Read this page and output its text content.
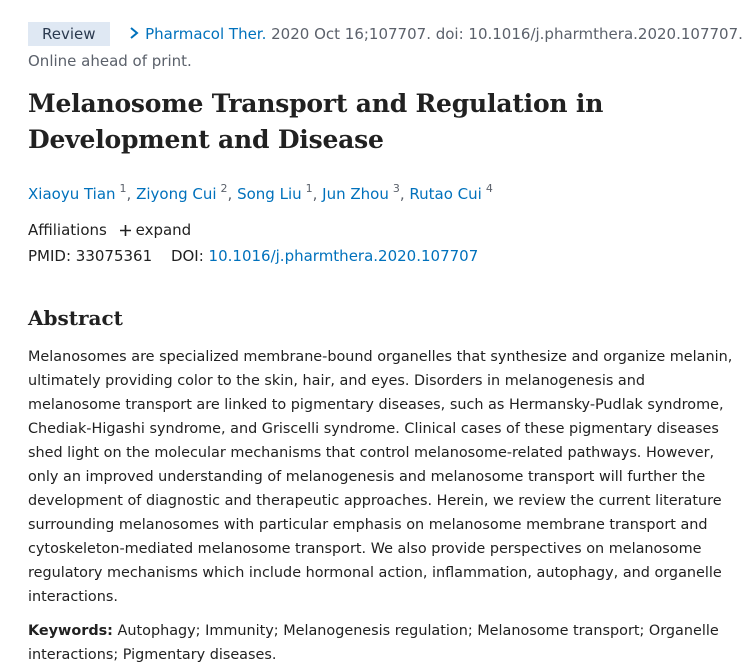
Review	Pharmacol Ther. 2020 Oct 16;107707. doi: 10.1016/j.pharmthera.2020.107707.
Online ahead of print.
Melanosome Transport and Regulation in Development and Disease
Xiaoyu Tian $^1$, Ziyong Cui $^2$, Song Liu $^1$, Jun Zhou $^3$, Rutao Cui $^4$
Affiliations expand
PMID: 33075361 DOI: 10.1016/j.pharmthera.2020.107707
Abstract
Melanosomes are specialized membrane-bound organelles that synthesize and organize melanin, ultimately providing color to the skin, hair, and eyes. Disorders in melanogenesis and melanosome transport are linked to pigmentary diseases, such as Hermansky-Pudlak syndrome, Chediak-Higashi syndrome, and Griscelli syndrome. Clinical cases of these pigmentary diseases shed light on the molecular mechanisms that control melanosome-related pathways. However, only an improved understanding of melanogenesis and melanosome transport will further the development of diagnostic and therapeutic approaches. Herein, we review the current literature surrounding melanosomes with particular emphasis on melanosome membrane transport and cytoskeleton-mediated melanosome transport. We also provide perspectives on melanosome regulatory mechanisms which include hormonal action, inflammation, autophagy, and organelle interactions.
Keywords: Autophagy; Immunity; Melanogenesis regulation; Melanosome transport; Organelle interactions; Pigmentary diseases.
